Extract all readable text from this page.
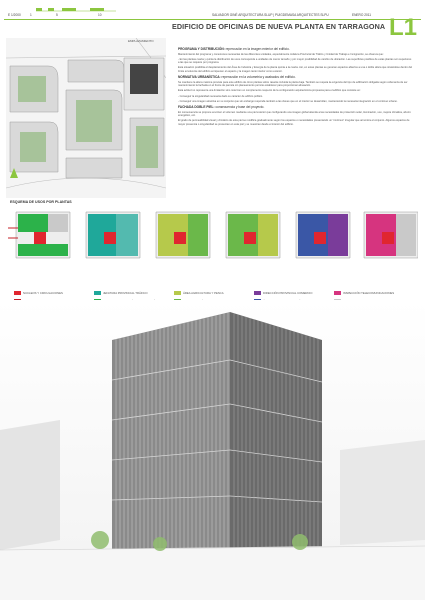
E 1/2000	1	5	10	SALVADOR GINÉ ARQUITECTURA SLUP | PUIGDEMASA ARQUITECTES SLPU	ENERO 2011
EDIFICIO DE OFICINAS DE NUEVA PLANTA EN TARRAGONA L1
EMPLAZAMIENTO
PROGRAMA Y DISTRIBUCIÓN: repercusión en la imagen exterior del edificio.

Mantenimiento del programa y conexiones necesarias de las diferentes unidades, especialmente Jefatura Provincial de Tráfico y Unidad de Trabajo e Inmigración, se observa que:

- En las plantas cuarta y quinta la distribución de usos corresponde a unidades de menor tamaño y por mayor posibilidad de cambio de ubicación. Las superficies posibles de estas plantas son superiores a las que se requiere por programa.

Esta situación posibilita el desplazamiento del Área de Industria y Energía de la planta quinta a la cuarta. Así, en estas plantas se generan espacios abiertos a una o doble altura que situándose dentro del límite envolvente del edificio enriquecen el espacio y la imagen tanto interior como exterior.

NORMATIVA URBANÍSTICA: repercusión en la volumetría y acabados del edificio.

Se mantiene la altura máxima prevista para este edificio de cinco plantas sobre rasante incluida la planta baja. También se respeta la exigencia del tipo de edificación obligada según ordenanza de ser mantenimiento la fachada en el frente de parcela sin planeamiento permite establecer para proporcionar alineación.

Esta actitud no representa una limitación sino más bien un complemento respecto de la configuración arquitectónica propuesta para el edificio que consiste en:

- Conseguir la singularidad necesaria dado su carácter de edificio público.

- Conseguir una imagen atractiva en su conjunto que sin embargo responda también a las claves que en el interior se desarrollan, manteniendo la necesaria integración en el continuo urbano.

FACHADA DOBLE PIEL: consecuencia y base del proyecto.

En consecuencia se propone envolver el volumen mediante una piel exterior que configurando una imagen global atienda a las necesidades de protección solar, iluminación, uso, mejora climática, ahorro energético, etc.

El grado de permeabilidad visual y climático de esta piel se modifica gradualmente según los espacios o necesidades presentando un "continuo" irregular que armoniza el conjunto. Algunos espacios de mayor presencia o singularidad se presentan en esta piel y se muestran desde el interior del edificio.

ESQUEMA DE USOS POR PLANTAS
NUCLEOS Y CIRCULACIONES	JEFATURA PROVINCIAL TRÁFICO	ÁREA AGRICULTURA Y PESCA	DIRECCIÓN PROVINCIAL COMERCIO	INSPECCIÓN TELECOMUNICACIONES
